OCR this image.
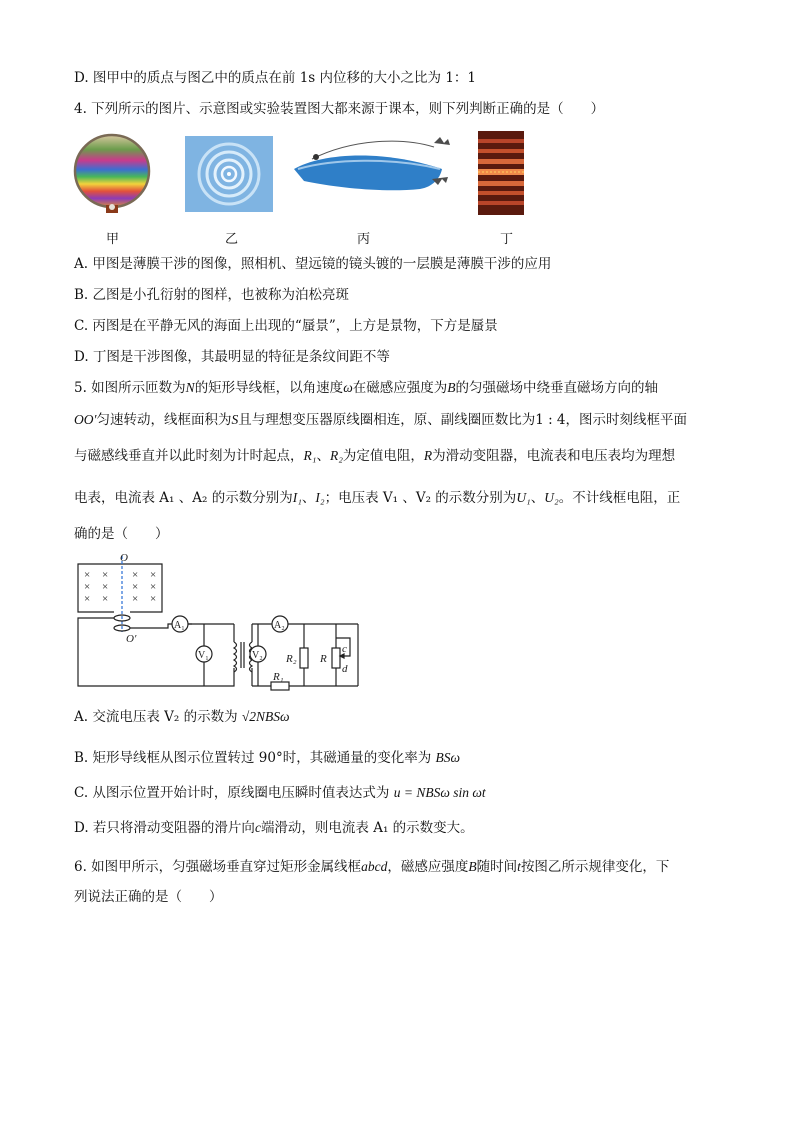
D. 图甲中的质点与图乙中的质点在前 1s 内位移的大小之比为 1：1
4. 下列所示的图片、示意图或实验装置图大都来源于课本，则下列判断正确的是（　　）
甲	乙	丙	丁
A. 甲图是薄膜干涉的图像，照相机、望远镜的镜头镀的一层膜是薄膜干涉的应用
B. 乙图是小孔衍射的图样，也被称为泊松亮斑
C. 丙图是在平静无风的海面上出现的“蜃景”，上方是景物，下方是蜃景
D. 丁图是干涉图像，其最明显的特征是条纹间距不等
5. 如图所示匝数为N的矩形导线框，以角速度ω在磁感应强度为B的匀强磁场中绕垂直磁场方向的轴
OO′匀速转动，线框面积为S且与理想变压器原线圈相连，原、副线圈匝数比为1 : 4，图示时刻线框平面
与磁感线垂直并以此时刻为计时起点，R₁、R₂为定值电阻，R为滑动变阻器，电流表和电压表均为理想
电表，电流表 A₁ 、A₂ 的示数分别为I₁、I₂；电压表 V₁ 、V₂ 的示数分别为U₁、U₂。不计线框电阻，正
确的是（　　）
× × × ×
× × × ×
× × × ×
O
O′
A₁	A₂
V₁	V₂ R₂ R
R₁
c
d
A. 交流电压表 V₂ 的示数为 √2NBSω
B. 矩形导线框从图示位置转过 90°时，其磁通量的变化率为 BSω
C. 从图示位置开始计时，原线圈电压瞬时值表达式为 u = NBSω sin ωt
D. 若只将滑动变阻器的滑片向c端滑动，则电流表 A₁ 的示数变大。
6. 如图甲所示，匀强磁场垂直穿过矩形金属线框abcd，磁感应强度B随时间t按图乙所示规律变化，下
列说法正确的是（　　）
